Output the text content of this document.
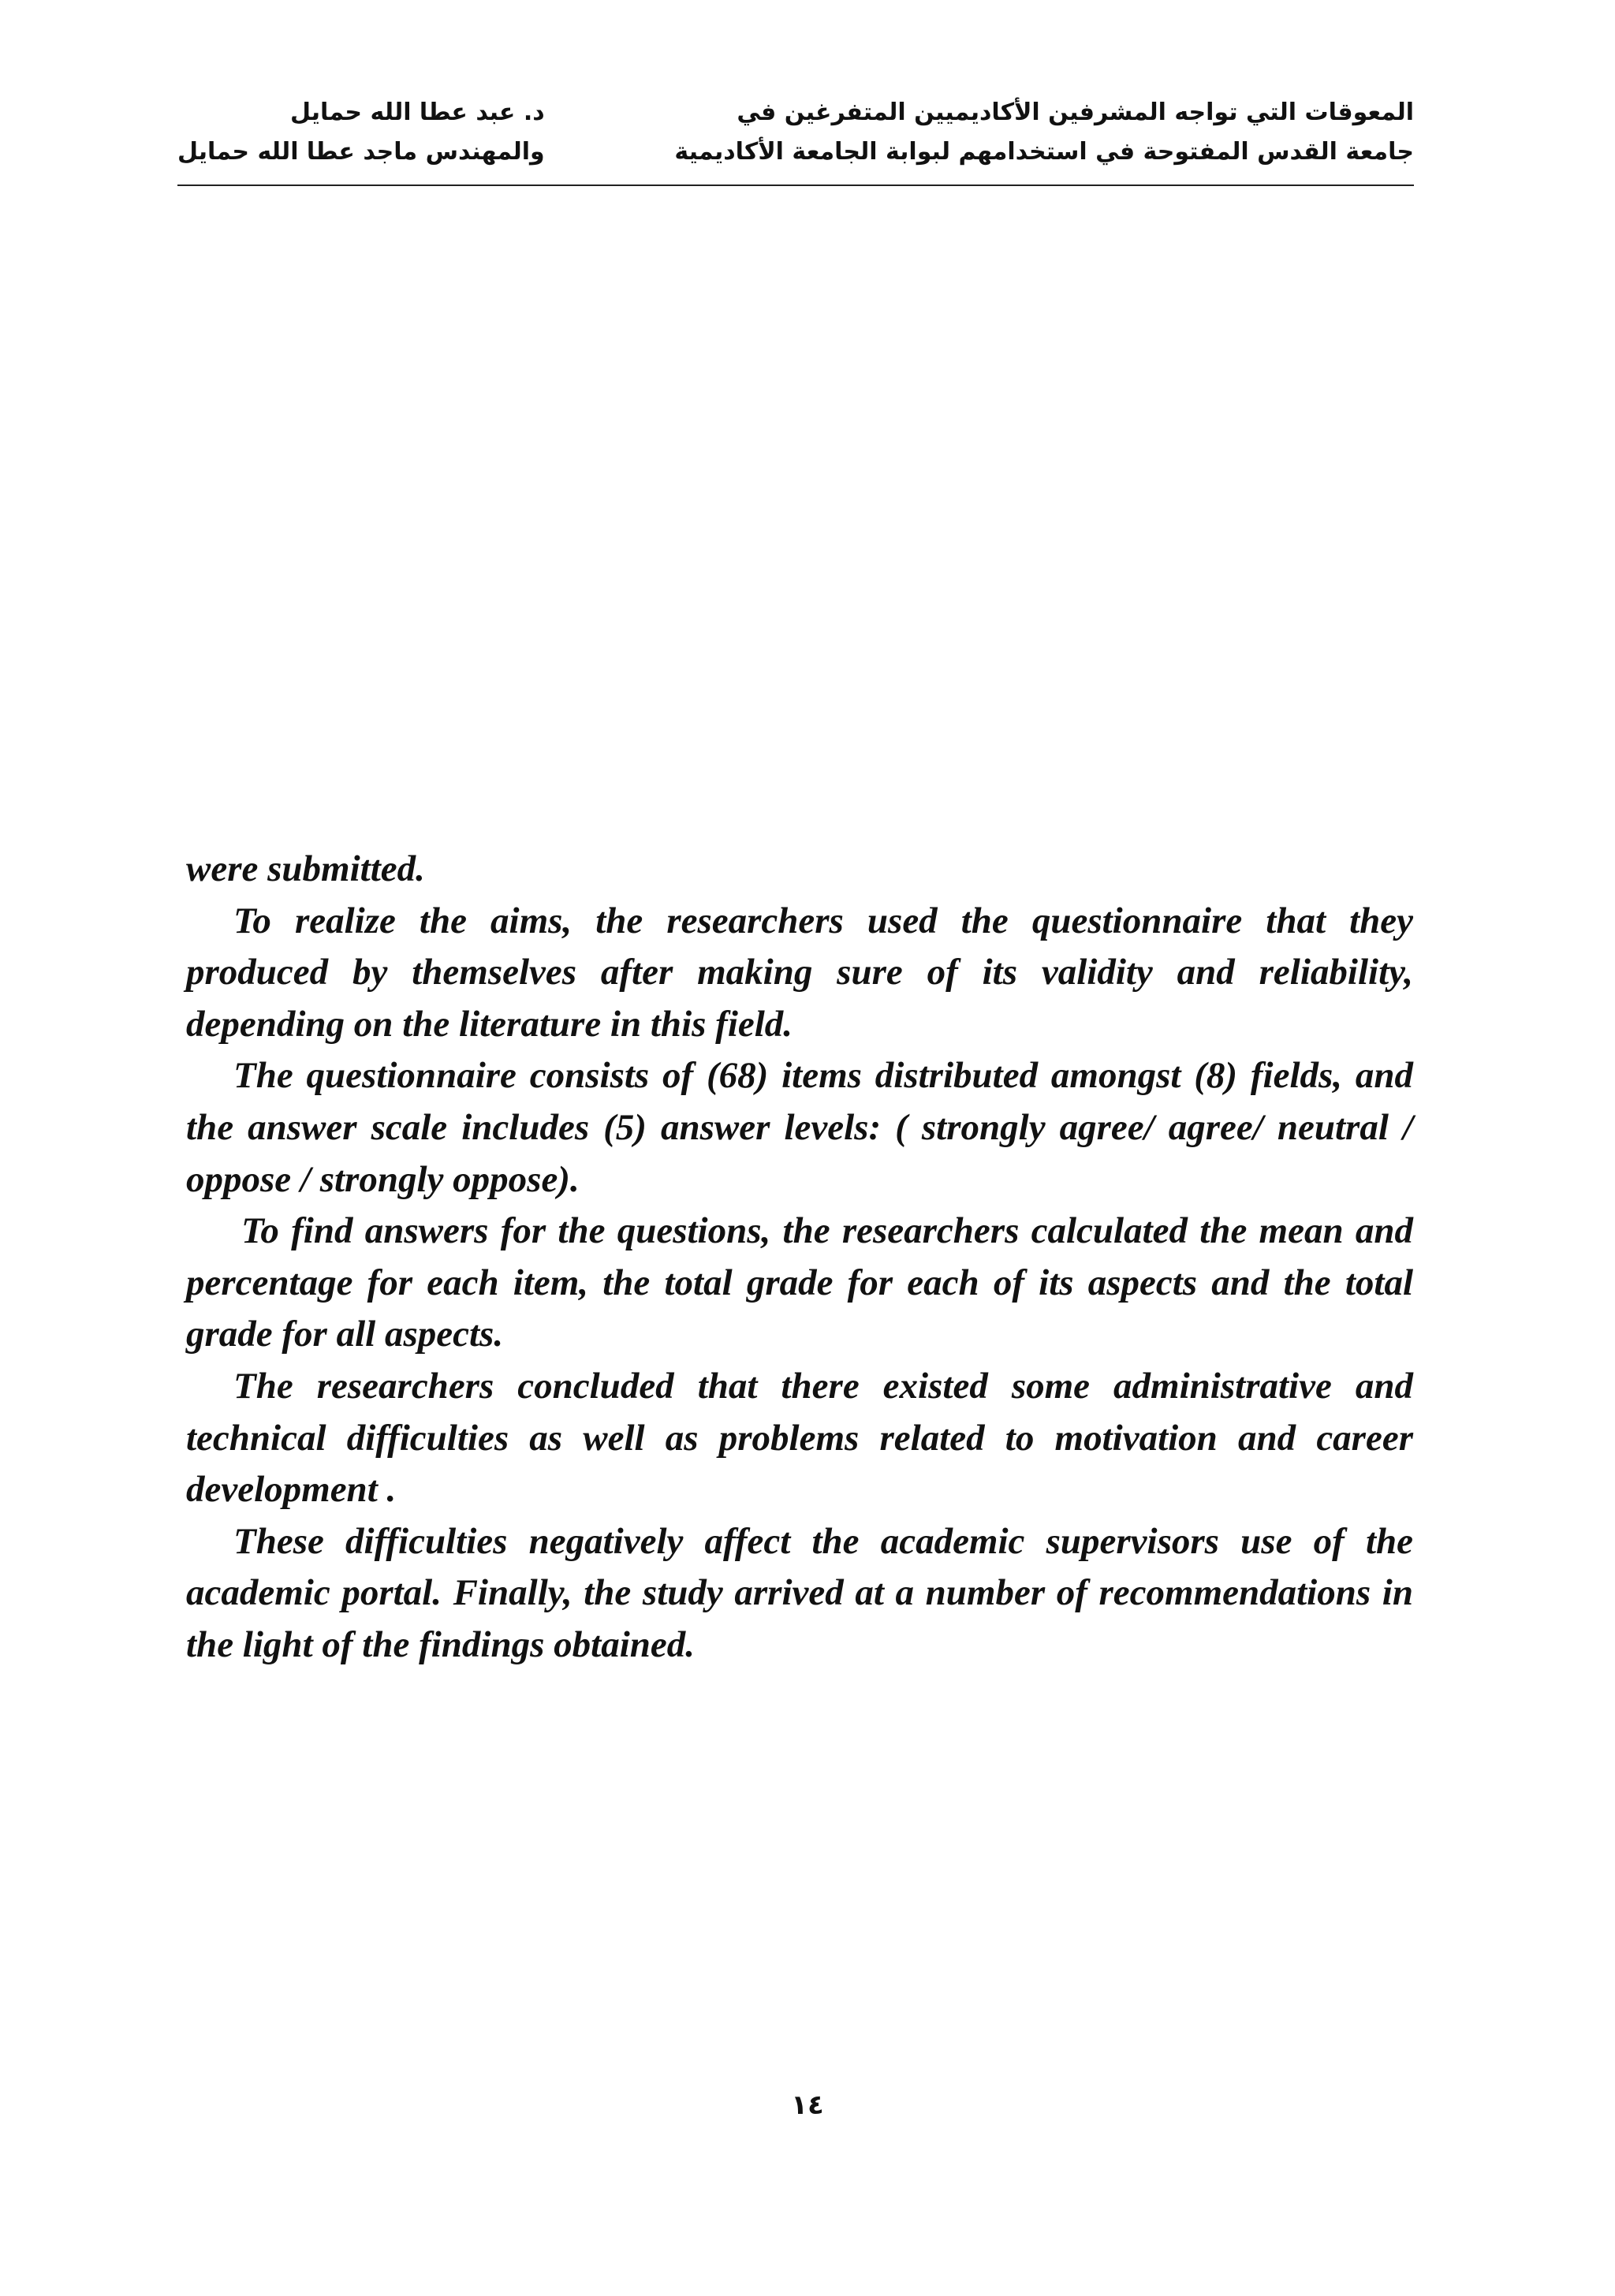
المعوقات التي تواجه المشرفين الأكاديميين المتفرغين في
جامعة القدس المفتوحة في استخدامهم لبوابة الجامعة الأكاديمية
د. عبد عطا الله حمايل
والمهندس ماجد عطا الله حمايل

were submitted.

To realize the aims, the researchers used the questionnaire that they produced by themselves after making sure of its validity and reliability, depending on the literature in this field.

The questionnaire consists of (68) items distributed amongst (8) fields, and the answer scale includes (5) answer levels: ( strongly agree/ agree/ neutral / oppose / strongly oppose).

To find answers for the questions, the researchers calculated the mean and percentage for each item, the total grade for each of its aspects and the total grade for all aspects.

The researchers concluded that there existed some administrative and technical difficulties as well as problems related to motivation and career development .

These difficulties negatively affect the academic supervisors use of the academic portal. Finally, the study arrived at a number of recommendations in the light of the findings obtained.

١٤
